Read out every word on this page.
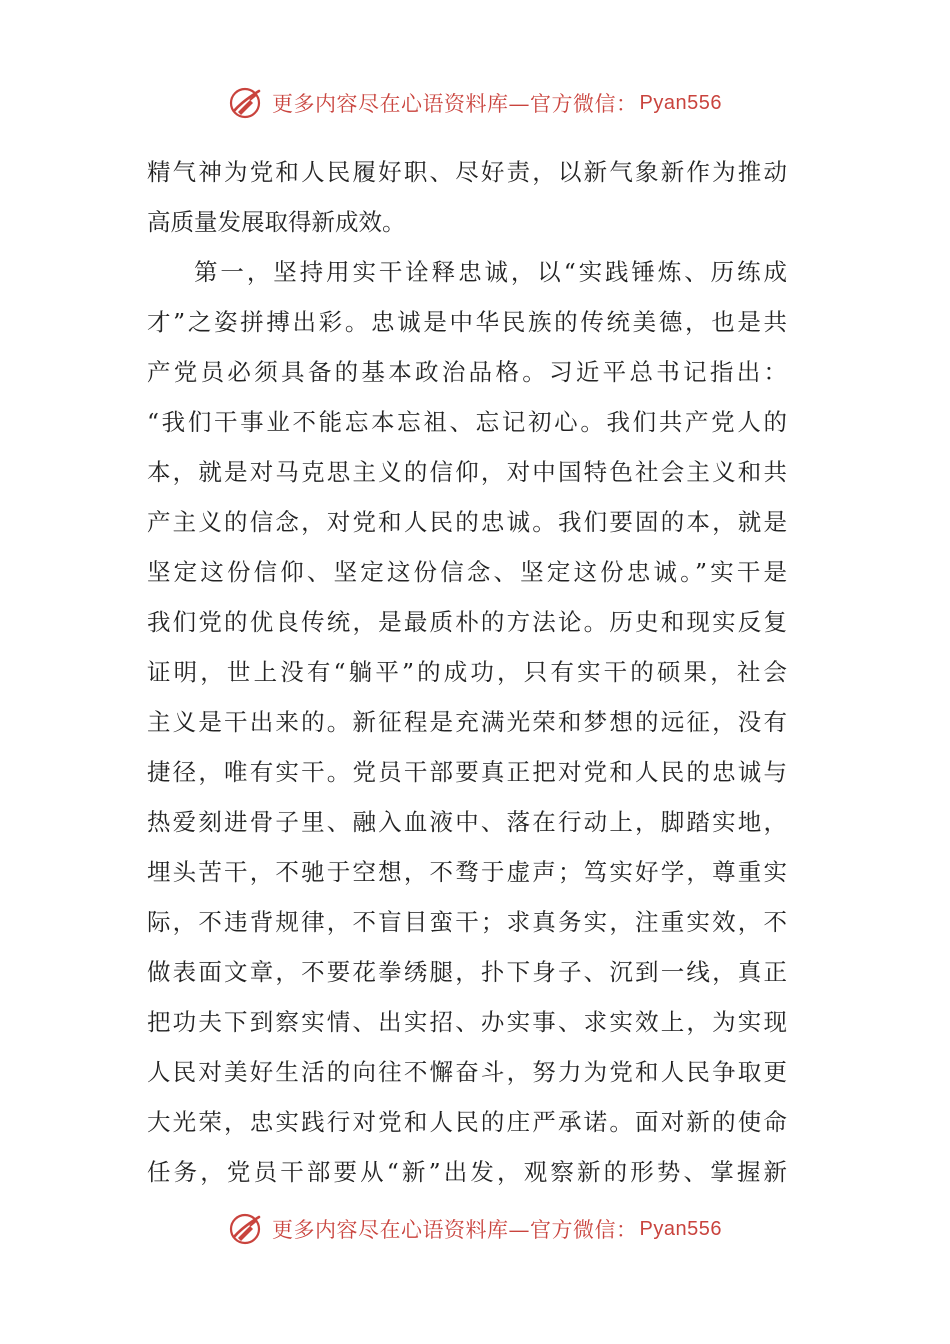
更多内容尽在心语资料库—官方微信： Pyan556
精气神为党和人民履好职、尽好责，以新气象新作为推动
高质量发展取得新成效。
第一，坚持用实干诠释忠诚，以“实践锤炼、历练成
才”之姿拼搏出彩。忠诚是中华民族的传统美德，也是共
产党员必须具备的基本政治品格。习近平总书记指出：
“我们干事业不能忘本忘祖、忘记初心。我们共产党人的
本，就是对马克思主义的信仰，对中国特色社会主义和共
产主义的信念，对党和人民的忠诚。我们要固的本，就是
坚定这份信仰、坚定这份信念、坚定这份忠诚。”实干是
我们党的优良传统，是最质朴的方法论。历史和现实反复
证明，世上没有“躺平”的成功，只有实干的硕果，社会
主义是干出来的。新征程是充满光荣和梦想的远征，没有
捷径，唯有实干。党员干部要真正把对党和人民的忠诚与
热爱刻进骨子里、融入血液中、落在行动上，脚踏实地，
埋头苦干，不驰于空想，不骛于虚声；笃实好学，尊重实
际，不违背规律，不盲目蛮干；求真务实，注重实效，不
做表面文章，不要花拳绣腿，扑下身子、沉到一线，真正
把功夫下到察实情、出实招、办实事、求实效上，为实现
人民对美好生活的向往不懈奋斗，努力为党和人民争取更
大光荣，忠实践行对党和人民的庄严承诺。面对新的使命
任务，党员干部要从“新”出发，观察新的形势、掌握新
更多内容尽在心语资料库—官方微信： Pyan556
